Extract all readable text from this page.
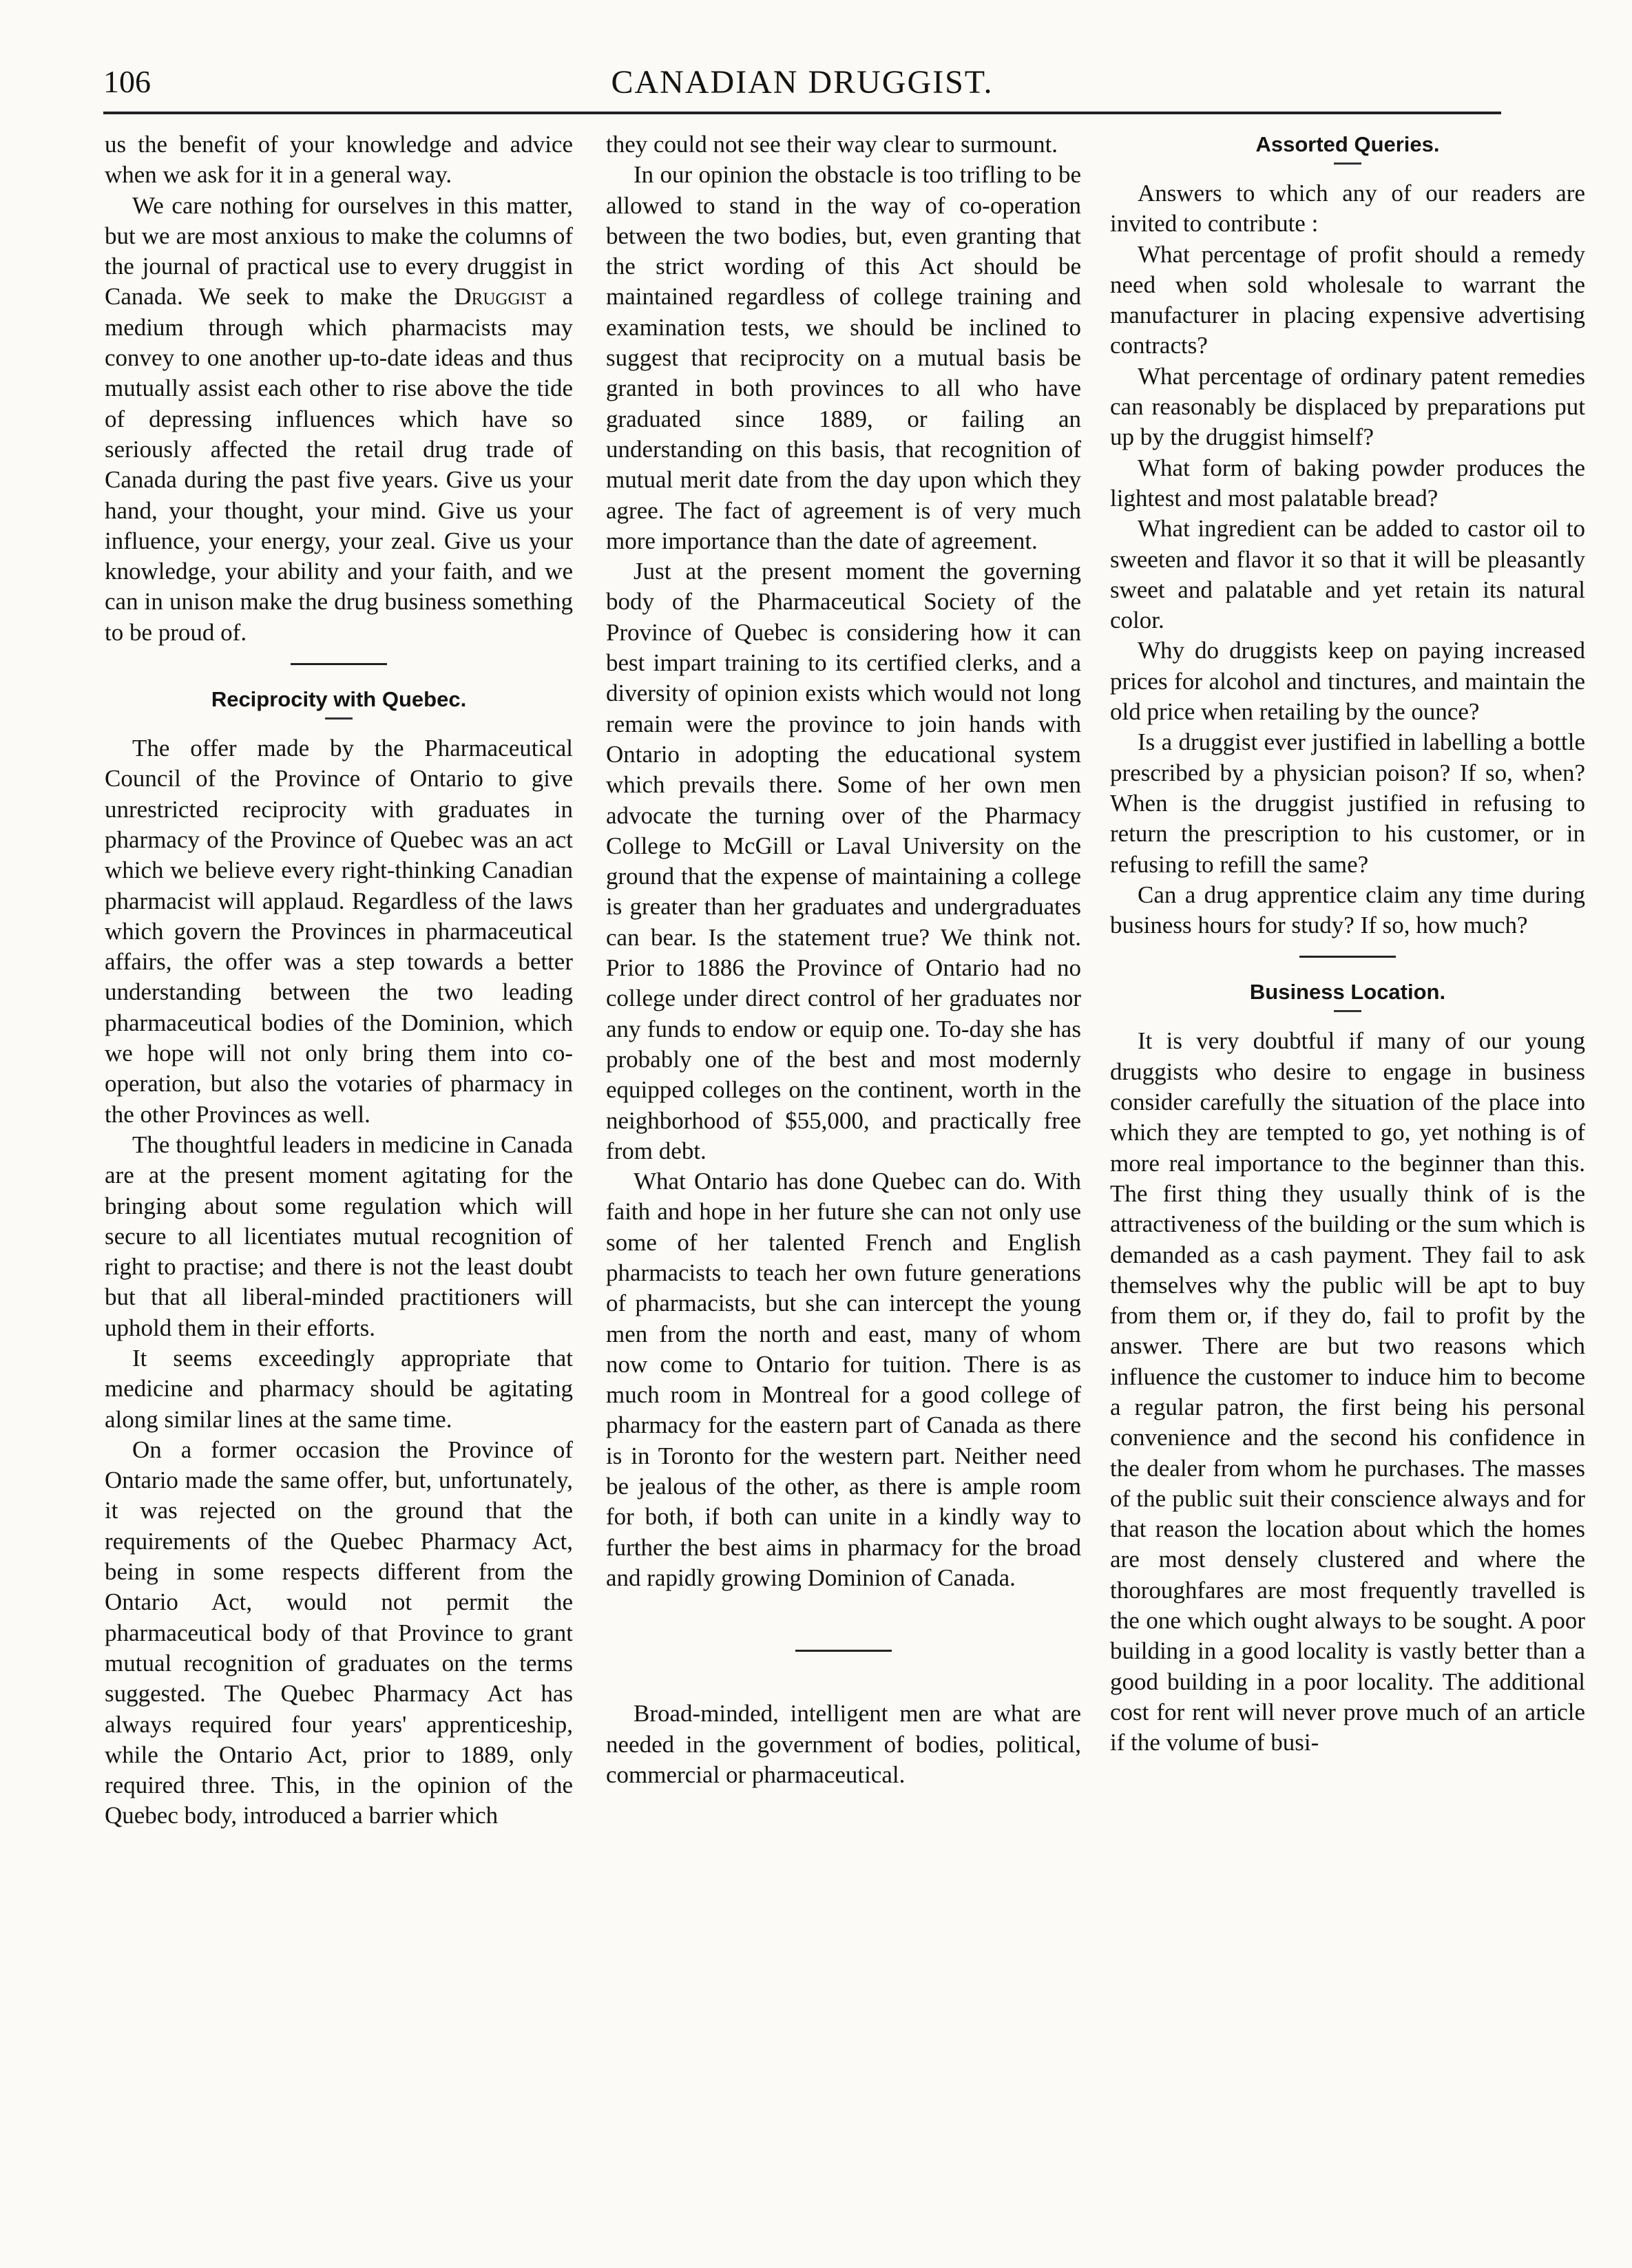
106	CANADIAN DRUGGIST.

us the benefit of your knowledge and advice when we ask for it in a general way.

We care nothing for ourselves in this matter, but we are most anxious to make the columns of the journal of practical use to every druggist in Canada. We seek to make the Druggist a medium through which pharmacists may convey to one another up-to-date ideas and thus mutually assist each other to rise above the tide of depressing influences which have so seriously affected the retail drug trade of Canada during the past five years. Give us your hand, your thought, your mind. Give us your influence, your energy, your zeal. Give us your knowledge, your ability and your faith, and we can in unison make the drug business something to be proud of.

Reciprocity with Quebec.

The offer made by the Pharmaceutical Council of the Province of Ontario to give unrestricted reciprocity with graduates in pharmacy of the Province of Quebec was an act which we believe every right-thinking Canadian pharmacist will applaud. Regardless of the laws which govern the Provinces in pharmaceutical affairs, the offer was a step towards a better understanding between the two leading pharmaceutical bodies of the Dominion, which we hope will not only bring them into co-operation, but also the votaries of pharmacy in the other Provinces as well.

The thoughtful leaders in medicine in Canada are at the present moment agitating for the bringing about some regulation which will secure to all licentiates mutual recognition of right to practise; and there is not the least doubt but that all liberal-minded practitioners will uphold them in their efforts.

It seems exceedingly appropriate that medicine and pharmacy should be agitating along similar lines at the same time.

On a former occasion the Province of Ontario made the same offer, but, unfortunately, it was rejected on the ground that the requirements of the Quebec Pharmacy Act, being in some respects different from the Ontario Act, would not permit the pharmaceutical body of that Province to grant mutual recognition of graduates on the terms suggested. The Quebec Pharmacy Act has always required four years' apprenticeship, while the Ontario Act, prior to 1889, only required three. This, in the opinion of the Quebec body, introduced a barrier which

they could not see their way clear to surmount.

In our opinion the obstacle is too trifling to be allowed to stand in the way of co-operation between the two bodies, but, even granting that the strict wording of this Act should be maintained regardless of college training and examination tests, we should be inclined to suggest that reciprocity on a mutual basis be granted in both provinces to all who have graduated since 1889, or failing an understanding on this basis, that recognition of mutual merit date from the day upon which they agree. The fact of agreement is of very much more importance than the date of agreement.

Just at the present moment the governing body of the Pharmaceutical Society of the Province of Quebec is considering how it can best impart training to its certified clerks, and a diversity of opinion exists which would not long remain were the province to join hands with Ontario in adopting the educational system which prevails there. Some of her own men advocate the turning over of the Pharmacy College to McGill or Laval University on the ground that the expense of maintaining a college is greater than her graduates and undergraduates can bear. Is the statement true? We think not. Prior to 1886 the Province of Ontario had no college under direct control of her graduates nor any funds to endow or equip one. To-day she has probably one of the best and most modernly equipped colleges on the continent, worth in the neighborhood of $55,000, and practically free from debt.

What Ontario has done Quebec can do. With faith and hope in her future she can not only use some of her talented French and English pharmacists to teach her own future generations of pharmacists, but she can intercept the young men from the north and east, many of whom now come to Ontario for tuition. There is as much room in Montreal for a good college of pharmacy for the eastern part of Canada as there is in Toronto for the western part. Neither need be jealous of the other, as there is ample room for both, if both can unite in a kindly way to further the best aims in pharmacy for the broad and rapidly growing Dominion of Canada.

Broad-minded, intelligent men are what are needed in the government of bodies, political, commercial or pharmaceutical.

Assorted Queries.

Answers to which any of our readers are invited to contribute :

What percentage of profit should a remedy need when sold wholesale to warrant the manufacturer in placing expensive advertising contracts?

What percentage of ordinary patent remedies can reasonably be displaced by preparations put up by the druggist himself?

What form of baking powder produces the lightest and most palatable bread?

What ingredient can be added to castor oil to sweeten and flavor it so that it will be pleasantly sweet and palatable and yet retain its natural color.

Why do druggists keep on paying increased prices for alcohol and tinctures, and maintain the old price when retailing by the ounce?

Is a druggist ever justified in labelling a bottle prescribed by a physician poison? If so, when? When is the druggist justified in refusing to return the prescription to his customer, or in refusing to refill the same?

Can a drug apprentice claim any time during business hours for study? If so, how much?

Business Location.

It is very doubtful if many of our young druggists who desire to engage in business consider carefully the situation of the place into which they are tempted to go, yet nothing is of more real importance to the beginner than this. The first thing they usually think of is the attractiveness of the building or the sum which is demanded as a cash payment. They fail to ask themselves why the public will be apt to buy from them or, if they do, fail to profit by the answer. There are but two reasons which influence the customer to induce him to become a regular patron, the first being his personal convenience and the second his confidence in the dealer from whom he purchases. The masses of the public suit their conscience always and for that reason the location about which the homes are most densely clustered and where the thoroughfares are most frequently travelled is the one which ought always to be sought. A poor building in a good locality is vastly better than a good building in a poor locality. The additional cost for rent will never prove much of an article if the volume of busi-
